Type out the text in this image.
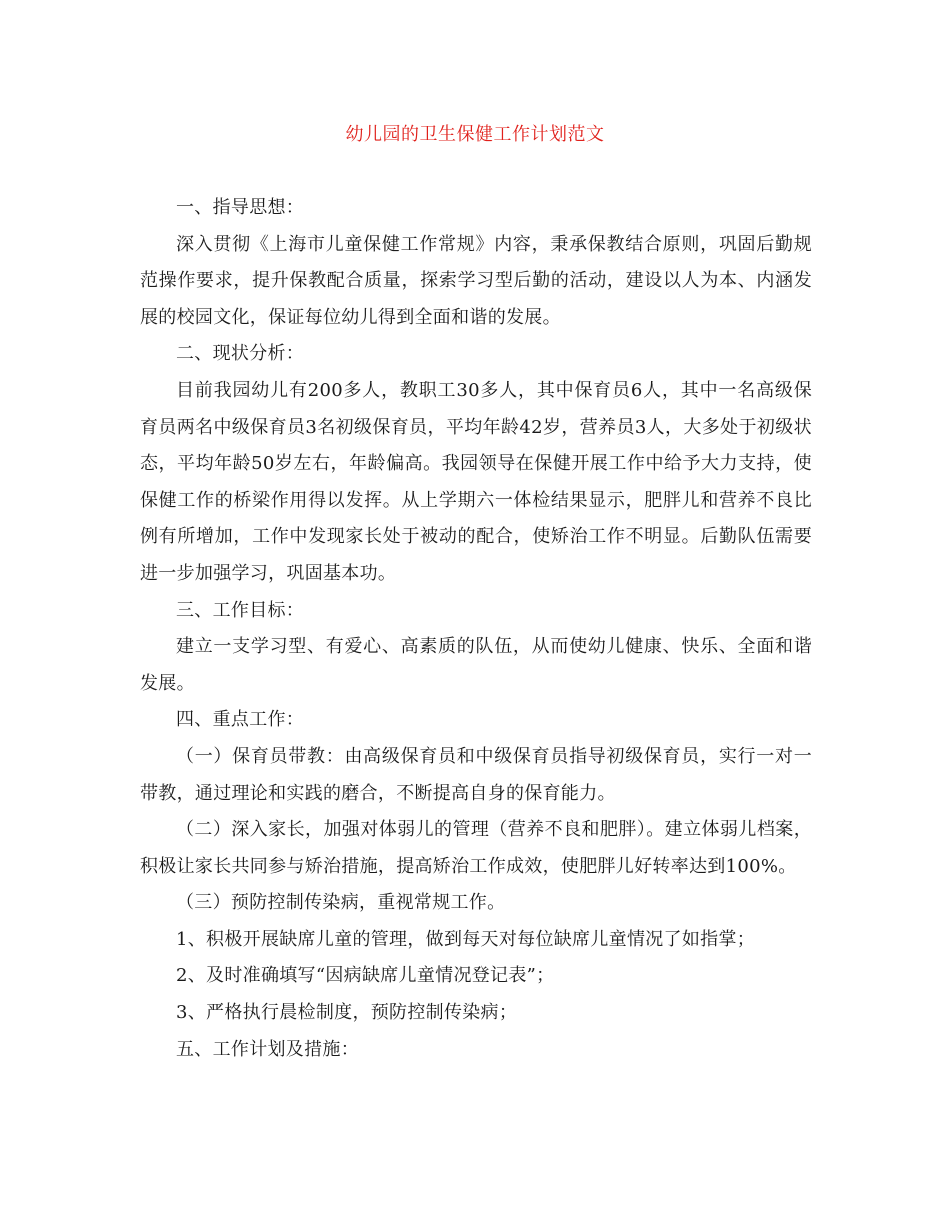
幼儿园的卫生保健工作计划范文

一、指导思想：

深入贯彻《上海市儿童保健工作常规》内容，秉承保教结合原则，巩固后勤规范操作要求，提升保教配合质量，探索学习型后勤的活动，建设以人为本、内涵发展的校园文化，保证每位幼儿得到全面和谐的发展。

二、现状分析：

目前我园幼儿有200多人，教职工30多人，其中保育员6人，其中一名高级保育员两名中级保育员3名初级保育员，平均年龄42岁，营养员3人，大多处于初级状态，平均年龄50岁左右，年龄偏高。我园领导在保健开展工作中给予大力支持，使保健工作的桥梁作用得以发挥。从上学期六一体检结果显示，肥胖儿和营养不良比例有所增加，工作中发现家长处于被动的配合，使矫治工作不明显。后勤队伍需要进一步加强学习，巩固基本功。

三、工作目标：

建立一支学习型、有爱心、高素质的队伍，从而使幼儿健康、快乐、全面和谐发展。

四、重点工作：

（一）保育员带教：由高级保育员和中级保育员指导初级保育员，实行一对一带教，通过理论和实践的磨合，不断提高自身的保育能力。

（二）深入家长，加强对体弱儿的管理（营养不良和肥胖）。建立体弱儿档案，积极让家长共同参与矫治措施，提高矫治工作成效，使肥胖儿好转率达到100%。

（三）预防控制传染病，重视常规工作。

1、积极开展缺席儿童的管理，做到每天对每位缺席儿童情况了如指掌；

2、及时准确填写“因病缺席儿童情况登记表”；

3、严格执行晨检制度，预防控制传染病；

五、工作计划及措施：
